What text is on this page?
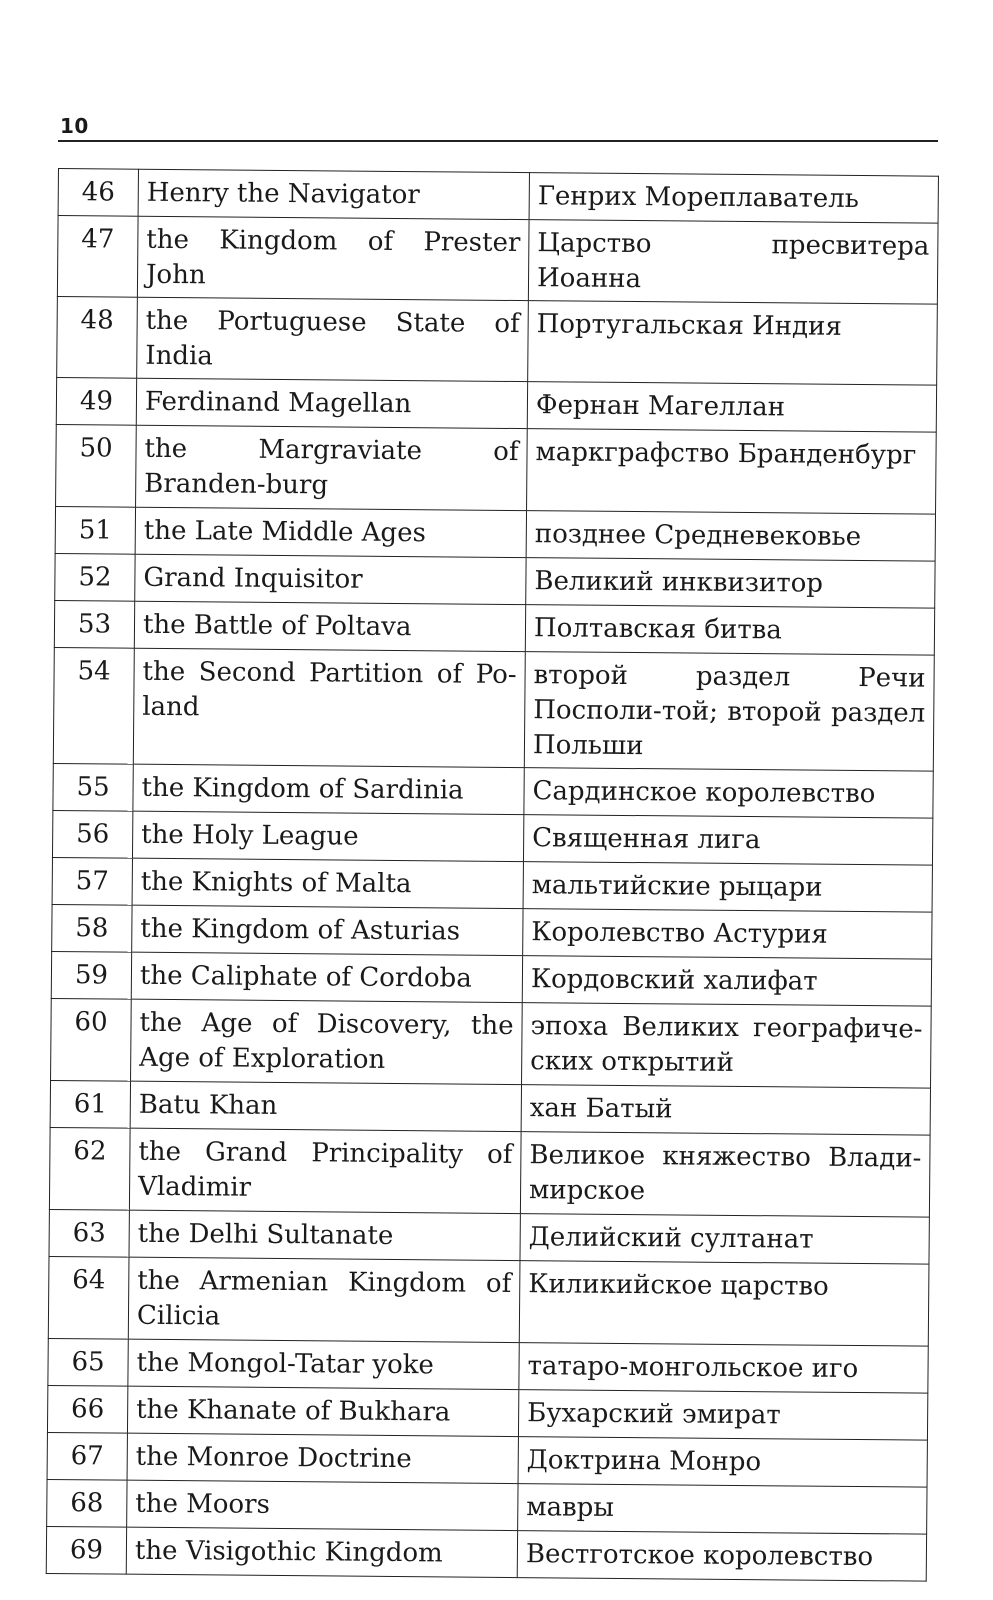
10
46	Henry the Navigator	Генрих Мореплаватель
47	the Kingdom of Prester John	Царство пресвитера Иоанна
48	the Portuguese State of India	Португальская Индия
49	Ferdinand Magellan	Фернан Магеллан
50	the Margraviate of Branden-burg	маркграфство Бранденбург
51	the Late Middle Ages	позднее Средневековье
52	Grand Inquisitor	Великий инквизитор
53	the Battle of Poltava	Полтавская битва
54	the Second Partition of Po-land	второй раздел Речи Посполи-той; второй раздел Польши
55	the Kingdom of Sardinia	Сардинское королевство
56	the Holy League	Священная лига
57	the Knights of Malta	мальтийские рыцари
58	the Kingdom of Asturias	Королевство Астурия
59	the Caliphate of Cordoba	Кордовский халифат
60	the Age of Discovery, the Age of Exploration	эпоха Великих географиче-ских открытий
61	Batu Khan	хан Батый
62	the Grand Principality of Vladimir	Великое княжество Влади-мирское
63	the Delhi Sultanate	Делийский султанат
64	the Armenian Kingdom of Cilicia	Киликийское царство
65	the Mongol-Tatar yoke	татаро-монгольское иго
66	the Khanate of Bukhara	Бухарский эмират
67	the Monroe Doctrine	Доктрина Монро
68	the Moors	мавры
69	the Visigothic Kingdom	Вестготское королевство
